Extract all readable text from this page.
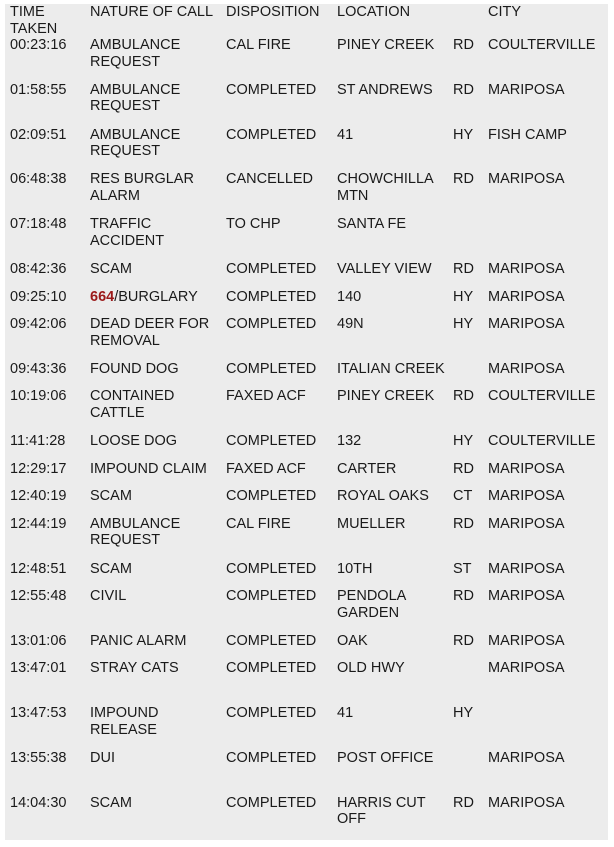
TIME TAKEN	NATURE OF CALL	DISPOSITION	LOCATION		CITY
00:23:16	AMBULANCE REQUEST	CAL FIRE	PINEY CREEK	RD	COULTERVILLE
01:58:55	AMBULANCE REQUEST	COMPLETED	ST ANDREWS	RD	MARIPOSA
02:09:51	AMBULANCE REQUEST	COMPLETED	41	HY	FISH CAMP
06:48:38	RES BURGLAR ALARM	CANCELLED	CHOWCHILLA MTN	RD	MARIPOSA
07:18:48	TRAFFIC ACCIDENT	TO CHP	SANTA FE		
08:42:36	SCAM	COMPLETED	VALLEY VIEW	RD	MARIPOSA
09:25:10	664/BURGLARY	COMPLETED	140	HY	MARIPOSA
09:42:06	DEAD DEER FOR REMOVAL	COMPLETED	49N	HY	MARIPOSA
09:43:36	FOUND DOG	COMPLETED	ITALIAN CREEK		MARIPOSA
10:19:06	CONTAINED CATTLE	FAXED ACF	PINEY CREEK	RD	COULTERVILLE
11:41:28	LOOSE DOG	COMPLETED	132	HY	COULTERVILLE
12:29:17	IMPOUND CLAIM	FAXED ACF	CARTER	RD	MARIPOSA
12:40:19	SCAM	COMPLETED	ROYAL OAKS	CT	MARIPOSA
12:44:19	AMBULANCE REQUEST	CAL FIRE	MUELLER	RD	MARIPOSA
12:48:51	SCAM	COMPLETED	10TH	ST	MARIPOSA
12:55:48	CIVIL	COMPLETED	PENDOLA GARDEN	RD	MARIPOSA
13:01:06	PANIC ALARM	COMPLETED	OAK	RD	MARIPOSA
13:47:01	STRAY CATS	COMPLETED	OLD HWY		MARIPOSA
13:47:53	IMPOUND RELEASE	COMPLETED	41	HY	
13:55:38	DUI	COMPLETED	POST OFFICE		MARIPOSA
14:04:30	SCAM	COMPLETED	HARRIS CUT OFF	RD	MARIPOSA
